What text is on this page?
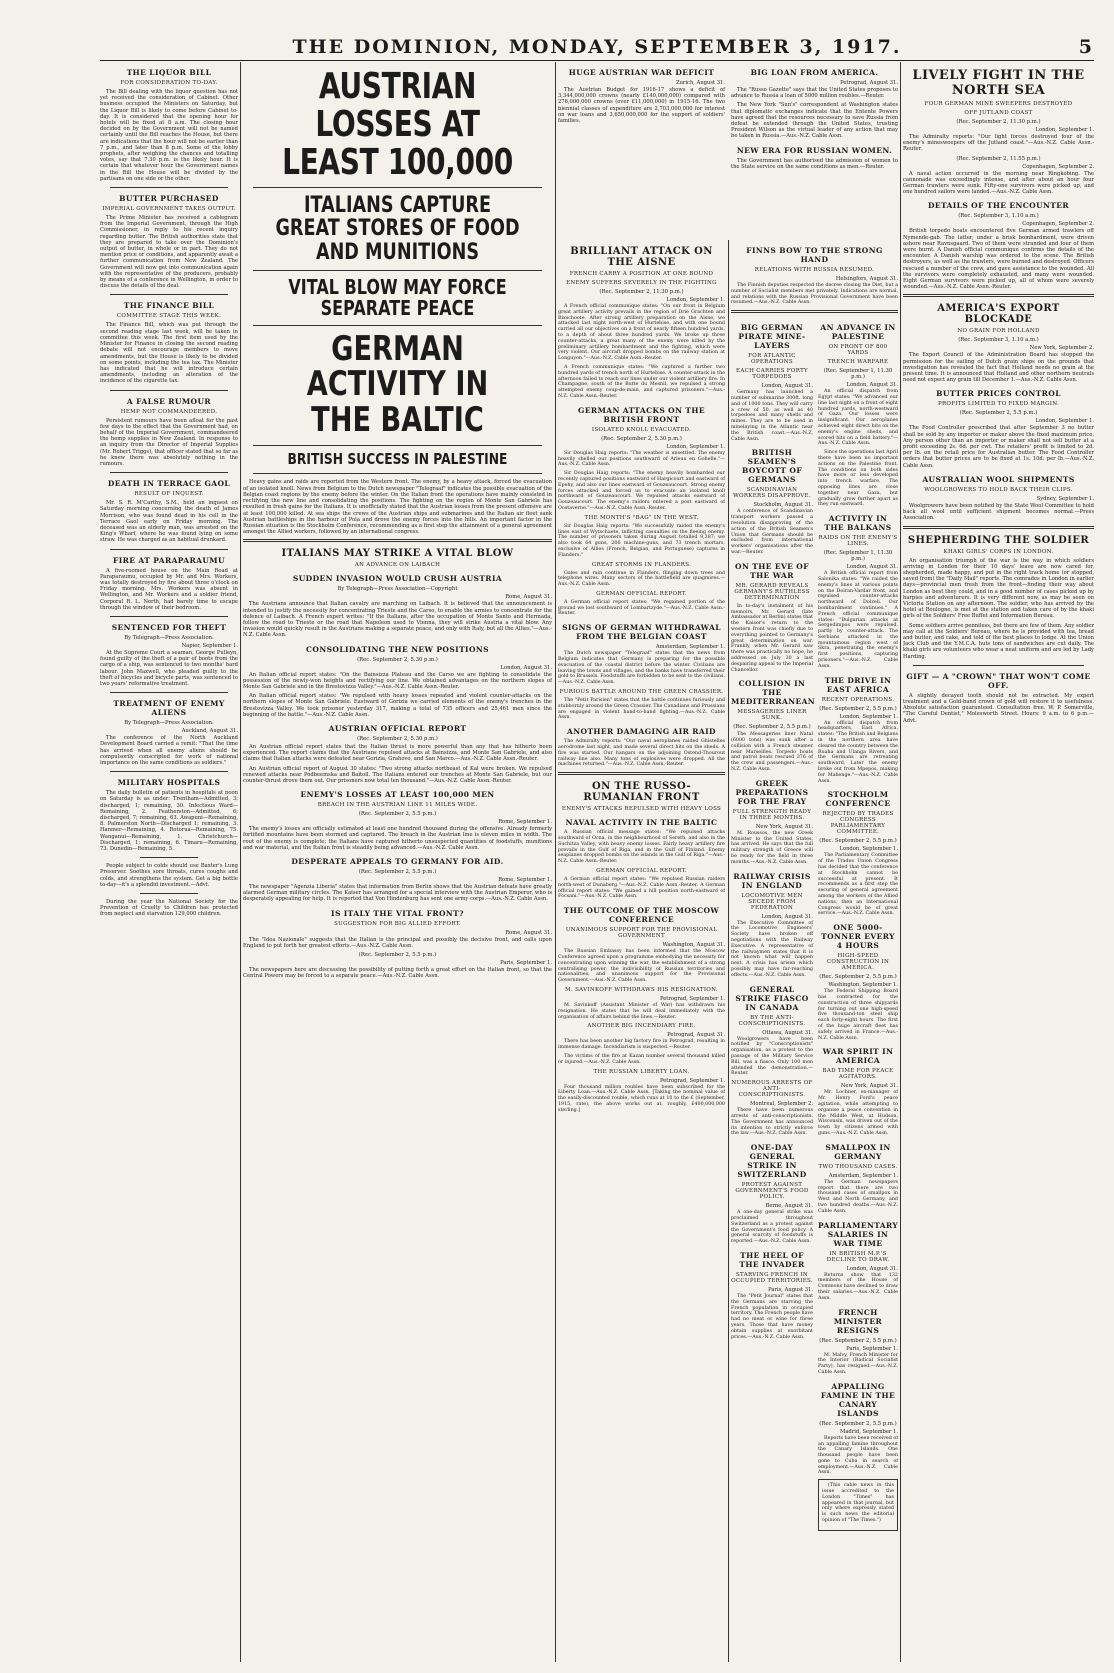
THE DOMINION, MONDAY, SEPTEMBER 3, 1917.	5
THE LIQUOR BILL
FOR CONSIDERATION TO-DAY.

The Bill dealing with the liquor question has not yet received the consideration of Cabinet. Other business occupied the Ministers on Saturday, but the Liquor Bill is likely to come before Cabinet to-day. It is considered that the opening hour for hotels will be fixed at 8 a.m. The closing hour decided on by the Government will not be named certainly until the Bill reaches the House, but there are indications that the hour will not be earlier than 7 p.m., and later than 8 p.m. Some of the lobby prophets, after weighing the chances and totalling votes, say that 7.30 p.m. is the likely hour. It is certain that whatever hour the Government names in the Bill the House will be divided by the partisans on one side or the other.

BUTTER PURCHASED
IMPERIAL GOVERNMENT TAKES OUTPUT.

The Prime Minister has received a cablegram from the Imperial Government, through the High Commissioner, in reply to his recent inquiry regarding butter. The British authorities state that they are prepared to take over the Dominion's output of butter, in whole or in part. They do not mention price or conditions, and apparently await a further communication from New Zealand. The Government will now get into communication again with the representative of the producers, probably by means of a conference in Wellington, in order to discuss the details of the deal.

THE FINANCE BILL
COMMITTEE STAGE THIS WEEK.

The Finance Bill, which was put through the second reading stage last week, will be taken in committee this week. The first item used by the Minister for Finance in closing the second reading debate will not encourage members to move amendments, but the House is likely to be divided on some points, including the tea tax. The Minister has indicated that he will introduce certain amendments, including an alteration of the incidence of the cigarette tax.

A FALSE RUMOUR
HEMP NOT COMMANDEERED.

Persistent rumours have been afloat for the past few days to the effect that the Government had, on behalf of the Imperial Government, commandeered the hemp supplies in New Zealand. In response to an inquiry from the Director of Imperial Supplies (Mr. Robert Triggs), that officer stated that so far as he knew there was absolutely nothing in the rumours.

DEATH IN TERRACE GAOL
RESULT OF INQUEST.

Mr. S. R. M'Carthy, S.M., held an inquest on Saturday morning concerning the death of James Morrison, who was found dead in his cell in the Terrace Gaol early on Friday morning. The deceased was an elderly man, was arrested on the King's Wharf, where he was found lying on some straw. He was charged as an habitual drunkard.

FIRE AT PARAPARAUMU

A five-roomed house on the Main Road at Paraparaumu, occupied by Mr. and Mrs. Workers, was totally destroyed by fire about three o'clock on Friday morning. Mrs. Workers was absent in Wellington, and Mr. Workers and a soldier friend, Corporal R. L. North, had barely time to escape through the window of their bedroom.

SENTENCED FOR THEFT
By Telegraph—Press Association.
Napier, September 1.

At the Supreme Court a seaman, George Pulleyn, found guilty of the theft of a pair of boots from the cargo of a ship, was sentenced to two months' hard labour. John Maxwell, who pleaded guilty to the theft of bicycles and bicycle parts, was sentenced to two years' reformative treatment.

TREATMENT OF ENEMY ALIENS
By Telegraph—Press Association.
Auckland, August 31.

The conference of the North Auckland Development Board carried a remit: "That the time has arrived when all enemy aliens should be compulsorily conscripted for work of national importance on the same conditions as soldiers."

MILITARY HOSPITALS

The daily bulletin of patients in hospitals at noon on Saturday is as under: Trentham—Admitted, 3; discharged, 1; remaining, 30. Infectious Ward—Remaining, 2. Featherston—Admitted, 6; discharged, 7; remaining, 63. Awapuni—Remaining, 8. Palmerston North—Discharged 1; remaining, 3. Hanmer—Remaining, 4. Rotorua—Remaining, 75. Wanganui—Remaining, 1. Christchurch—Discharged, 1; remaining, 6. Timaru—Remaining, 73. Dunedin—Remaining, 5.

People subject to colds should use Baxter's Lung Preserver. Soothes sore throats, cures coughs and colds, and strengthens the system. Get a big bottle to-day—it's a splendid investment.—Advt.

During the year the National Society for the Prevention of Cruelty to Children has protected from neglect and starvation 129,000 children.

AUSTRIAN LOSSES AT LEAST 100,000
ITALIANS CAPTURE GREAT STORES OF FOOD AND MUNITIONS
VITAL BLOW MAY FORCE SEPARATE PEACE
GERMAN ACTIVITY IN THE BALTIC
BRITISH SUCCESS IN PALESTINE

Heavy gains and raids are reported from the Western front. The enemy, by a heavy attack, forced the evacuation of an isolated knoll. News from Belgium to the Dutch newspaper "Telegraaf" indicates the possible evacuation of the Belgian coast regions by the enemy before the winter. On the Italian front the operations have mainly consisted in rectifying the new line and consolidating the positions. The fighting on the region of Monte San Gabriele has resulted in fresh gains for the Italians. It is unofficially stated that the Austrian losses from the present offensive are at least 100,000 killed. At sea ships the crews of the Austrian ships and submarines and the Italian air fleet sank Austrian battleships in the harbour of Pola and drove the enemy forces into the hills. An important factor in the Russian situation is the Stockholm Conference, recommending as a first step the attainment of a general agreement amongst the Allied workers, followed by an international congress.

ITALIANS MAY STRIKE A VITAL BLOW
AN ADVANCE ON LAIBACH
SUDDEN INVASION WOULD CRUSH AUSTRIA
By Telegraph—Press Association—Copyright
Rome, August 31.

The Austrians announce that Italian cavalry are marching on Laibach. It is believed that the announcement is intended to justify the necessity for concentrating Trieste and the Carso, to enable the armies to concentrate for the defence of Laibach. A French expert writes: "If the Italians, after the occupation of Monte Santo and Hermada, follow the road to Trieste or the road that Napoleon used to Vienna, they will strike Austria a vital blow. Any invasion would quickly result in the Austrians making a separate peace, and only with Italy, but all the Allies."—Aus.-N.Z. Cable Assn.

CONSOLIDATING THE NEW POSITIONS
(Rec. September 2, 5.30 p.m.)
London, August 31.

An Italian official report states: "On the Bainsizza Plateau and the Carso we are fighting to consolidate the possession of the newly-won heights and rectifying our line. We obtained advantages on the northern slopes of Monte San Gabriele and in the Brestovizza Valley."—Aus.-N.Z. Cable Assn.-Reuter.

An Italian official report states: "We repulsed with heavy losses repeated and violent counter-attacks on the northern slopes of Monte San Gabriele. Eastward of Gorizia we carried elements of the enemy's trenches in the Brestovizza Valley. We took prisoner yesterday 317, making a total of 735 officers and 25,461 men since the beginning of the battle."—Aus.-N.Z. Cable Assn.

AUSTRIAN OFFICIAL REPORT
(Rec. September 2, 5.30 p.m.)

An Austrian official report states that the Italian thrust is more powerful than any that has hitherto been experienced. The report claims that the Austrians repulsed attacks at Bainsizza, and Monte San Gabriele, and also claims that Italian attacks were defeated near Gorizia, Grahovo, and San Marco.—Aus.-N.Z. Cable Assn.-Reuter.

An Austrian official report of August 30 states: "Two strong attacks northeast of Kal were broken. We repulsed renewed attacks near Podbeemska and Baitoll. The Italians entered our trenches at Monte San Gabriele, but our counter-thrust drove them out. Our prisoners now total ten thousand."—Aus.-N.Z. Cable Assn.-Reuter.

ENEMY'S LOSSES AT LEAST 100,000 MEN
BREACH IN THE AUSTRIAN LINE 11 MILES WIDE.
(Rec. September 2, 5.5 p.m.)
Rome, September 1.

The enemy's losses are officially estimated at least one hundred thousand during the offensive. Already formerly fortified mountains have been stormed and captured. The breach in the Austrian line is eleven miles in width. The rout of the enemy is complete; the Italians have captured hitherto unsuspected quantities of foodstuffs, munitions and war material, and the Italian front is steadily being advanced.—Aus.-N.Z. Cable Assn.

DESPERATE APPEALS TO GERMANY FOR AID.
(Rec. September 2, 5.5 p.m.)
Rome, September 1.

The newspaper "Agenzia Liberia" states that information from Berlin shows that the Austrian defeats have greatly alarmed German military circles. The Kaiser has arranged for a special interview with the Austrian Emperor, who is desperately appealing for help. It is reported that Von Hindenburg has sent one army corps.—Aus.-N.Z. Cable Assn.

IS ITALY THE VITAL FRONT?
SUGGESTION FOR BIG ALLIED EFFORT.
Rome, August 31.

The "Idea Nazionale" suggests that the Italian is the principal and possibly the decisive front, and calls upon England to put forth her greatest efforts.—Aus.-N.Z. Cable Assn.

(Rec. September 2, 5.5 p.m.)
Paris, September 1.

The newspapers here are discussing the possibility of putting forth a great effort on the Italian front, so that the Central Powers may be forced to a separate peace.—Aus.-N.Z. Cable Assn.

HUGE AUSTRIAN WAR DEFICIT
Zurich, August 31.

The Austrian Budget for 1916-17 shows a deficit of 3,344,000,000 crowns (nearly £140,000,000) compared with 276,000,000 crowns (over £11,000,000) in 1915-16. The two biennial classes of expenditure are 2,703,000,000 for interest on war loans and 3,650,000,000 for the support of soldiers' families.

BIG LOAN FROM AMERICA.
Petrograd, August 31.

The "Russo Gazette" says that the United States proposes to advance to Russia a loan of 5000 million roubles.—Reuter.

The New York "Sun's" correspondent at Washington states that diplomatic exchanges indicate that the Entente Powers have agreed that the resources necessary to save Russia from defeat be extended through the United States, trusting President Wilson as the virtual leader of any action that may be taken in Russia.—Aus.-N.Z. Cable Assn.

NEW ERA FOR RUSSIAN WOMEN.

The Government has authorised the admission of women to the State service on the same conditions as men.—Reuter.

BRILLIANT ATTACK ON THE AISNE
FRENCH CARRY A POSITION AT ONE BOUND
ENEMY SUFFERS SEVERELY IN THE FIGHTING
(Rec. September 2, 11.30 p.m.)
London, September 1.

A French official communique states: "On our front in Belgium great artillery activity prevails in the region of Drie Grachten and Bixschoote. After strong artillery preparation on the Aisne, we attacked last night north-west of Hurtebise, and with one bound carried all our objectives on a front of nearly fifteen hundred yards, to a depth of about three hundred yards. We broke up three counter-attacks, a great many of the enemy were killed by the preliminary artillery bombardment and the fighting, which were very violent. Our aircraft dropped bombs on the railway station at Longuyon."—Aus.-N.Z. Cable Assn.-Reuter.

A French communique states: "We captured a further two hundred yards of trench north of Hurtebise. A counter-attack in the afternoon failed to reach our lines under our violent artillery fire. In Champagne, south of the Butte du Mesnil, we repulsed a strong attempted enemy coup-de-main, and captured prisoners."—Aus.-N.Z. Cable Assn.-Reuter.

GERMAN ATTACKS ON THE BRITISH FRONT
ISOLATED KNOLL EVACUATED.
(Rec. September 2, 5.30 p.m.)
London, September 1.

Sir Douglas Haig reports: "The weather is unsettled. The enemy heavily shelled our positions southward of Arleux en Gohelle."—Aus.-N.Z. Cable Assn.

Sir Douglas Haig reports: "The enemy heavily bombarded our recently captured positions eastward of Hargicourt and eastward of Epehy, and also our lines eastward of Gouzeaucourt. Strong enemy forces attacked and forced us to evacuate an isolated knoll northward of Gouzeaucourt. We repulsed attacks eastward of Gouzeaucourt. The enemy's raiders entered a post eastward of Oostaverne."—Aus.-N.Z. Cable Assn.-Reuter.

THE MONTH'S "BAG" IN THE WEST.

Sir Douglas Haig reports: "We successfully raided the enemy's lines east of Wytschaete, inflicting casualties on the fleeing enemy. The number of prisoners taken during August totalled 9,387; we also took 64 guns, 206 machine-guns, and 73 trench mortars, exclusive of Allies (French, Belgian, and Portuguese) captures in Flanders."

GREAT STORMS IN FLANDERS.

Gales and rain continue in Flanders, flinging down trees and telephone wires. Many sectors of the battlefield are quagmires.—Aus.-N.Z. Cable Assn.

GERMAN OFFICIAL REPORT.

A German official report states: "We regained portion of the ground we lost southward of Lombartzyde."—Aus.-N.Z. Cable Assn.-Reuter.

SIGNS OF GERMAN WITHDRAWAL FROM THE BELGIAN COAST
Amsterdam, September 1.

The Dutch newspaper "Telegraaf" states that the news from Belgium indicates that Germany is preparing for the possible evacuation of the coastal district before the winter. Civilians are leaving the towns and villages, and the banks have transferred their gold to Brussels. Foodstuffs are forbidden to be sent to the civilians.—Aus.-N.Z. Cable Assn.

FURIOUS BATTLE AROUND THE GREEN CRASSIER.

The "Petit Parisien" states that the battle continues furiously and stubbornly around the Green Crassier. The Canadians and Prussians are engaged in violent hand-to-hand fighting.—Aus.-N.Z. Cable Assn.

ANOTHER DAMAGING AIR RAID

The Admiralty reports: "Our naval aeroplanes raided Ghistelles aerodrome last night, and made several direct hits on the sheds. A fire was started. Our hangars on the adjoining Ostend-Thourout railway line also. Many tons of explosives were dropped. All the machines returned."—Aus.-N.Z. Cable Assn.-Reuter.

ON THE RUSSO-RUMANIAN FRONT
ENEMY'S ATTACKS REPULSED WITH HEAVY LOSS
NAVAL ACTIVITY IN THE BALTIC

A Russian official message states: "We repulsed attacks southward of Ocna, in the neighbourhood of Sereth, and also in the Suchitza Valley, with heavy enemy losses. Fairly heavy artillery fire prevails in the Gulf of Riga, and in the Gulf of Finland. Enemy seaplanes dropped bombs on the islands in the Gulf of Riga."—Aus.-N.Z. Cable Assn.-Reuter.

GERMAN OFFICIAL REPORT.

A German official report states: "We repulsed Russian raiders north-west of Dunaberg."—Aus.-N.Z. Cable Assn.-Reuter. A German official report states: "We gained a hill position north-eastward of Focsani."—Aus.-N.Z. Cable Assn.

THE OUTCOME OF THE MOSCOW CONFERENCE
UNANIMOUS SUPPORT FOR THE PROVISIONAL GOVERNMENT
Washington, August 31.

The Russian Embassy has been informed that the Moscow Conference agreed upon a programme embodying the necessity for concentrating upon winning the war, the establishment of a strong centralising power, the indivisibility of Russian territories and nationalities, and unanimous support for the Provisional Government.—Aus.-N.Z. Cable Assn.

M. SAVINKOFF WITHDRAWS HIS RESIGNATION.
Petrograd, September 1.

M. Savinkoff (Assistant Minister of War) has withdrawn his resignation. He states that he will deal immediately with the organisation of affairs behind the lines.—Reuter.

ANOTHER BIG INCENDIARY FIRE.
Petrograd, August 31.

There has been another big factory fire in Petrograd, resulting in immense damage. Incendiarism is suspected.—Reuter.

The victims of the fire at Kazan number several thousand killed or injured.—Aus.-N.Z. Cable Assn.

THE RUSSIAN LIBERTY LOAN.
Petrograd, September 1.

Four thousand million roubles have been subscribed for the Liberty Loan.—Aus.-N.Z. Cable Assn. [Taking the nominal value of the easily-discounted rouble, which runs at 10 to the £ (September, 1915, rate), the above works out at, roughly, £400,000,000 sterling.]

FINNS BOW TO THE STRONG HAND
RELATIONS WITH RUSSIA RESUMED.
Helsingfors, August 31.

The Finnish deputies respected the decree closing the Diet, but a number of Socialist members met privately. Indications are normal, and relations with the Russian Provisional Government have been resumed.—Aus.-N.Z. Cable Assn.

BIG GERMAN PIRATE MINE-LAYERS
FOR ATLANTIC OPERATIONS
EACH CARRIES FORTY TORPEDOES
London, August 31.

Germany has launched a number of submarine 300ft. long and of 1000 tons. They will carry a crew of 50, as well as 40 torpedoes and many shells and mines. They are to be used in minelaying in the Atlantic near the British coast.—Aus.-N.Z. Cable Assn.

BRITISH SEAMEN'S BOYCOTT OF GERMANS
SCANDINAVIAN WORKERS DISAPPROVE.
Stockholm, August 31.

A conference of Scandinavian transport workers passed a resolution disapproving of the action of the British Seamen's Union that Germans should be excluded from international workers' organisations after the war.—Reuter.

ON THE EVE OF THE WAR
MR. GERARD REVEALS GERMANY'S RUTHLESS DETERMINATION

In to-day's instalment of his memoirs, Mr. Gerard (late Ambassador at Berlin) states that the Kaiser's return to the western front was chiefly due to everything pointed to Germany's great determination on war. Frankly, when Mr. Gerard saw there was practically no hope, he addressed on July 30 a last despairing appeal to the Imperial Chancellor.

COLLISION IN THE MEDITERRANEAN
MESSAGERIES LINER SUNK.
(Rec. September 2, 5.5 p.m.)

The Messageries liner Natal (6000 tons) was sunk after a collision with a French steamer near Marseilles. Torpedo boats and patrol boats rescued 376 of the crew and passengers.—Aus.-N.Z. Cable Assn.

GREEK PREPARATIONS FOR THE FRAY
FULL STRENGTH READY IN THREE MONTHS.
New York, August 31.

M. Roussos, the new Greek Minister to the United States, has arrived. He says that the full military strength of Greece will be ready for the field in three months.—Aus.-N.Z. Cable Assn.

RAILWAY CRISIS IN ENGLAND
LOCOMOTIVE MEN SECEDE FROM FEDERATION
London, August 31.

The Executive Committee of the Locomotive Engineers' Society have broken off negotiations with the Railway Executive. A representative of the railwaymen states that it is not known what will happen next. A crisis has arisen which possibly may have far-reaching effects.—Aus.-N.Z. Cable Assn.

GENERAL STRIKE FIASCO IN CANADA
BY THE ANTI-CONSCRIPTIONISTS.
Ottawa, August 31.

Woolgrowers have been notified by "Conscriptionists" organisation, as a protest to the passage of the Military Service Bill, was a fiasco. Only 100 men attended the demonstration.—Reuter.

NUMEROUS ARRESTS OF ANTI-CONSCRIPTIONISTS.
Montreal, September 2.

There have been numerous arrests of anti-conscriptionists. The Government has announced its intention to strictly enforce the law.—Aus.-N.Z. Cable Assn.

ONE-DAY GENERAL STRIKE IN SWITZERLAND
PROTEST AGAINST GOVERNMENT'S FOOD POLICY.
Berne, August 31.

A one-day general strike was proclaimed throughout Switzerland as a protest against the Government's food policy. A general scarcity of foodstuffs is reported.—Aus.-N.Z. Cable Assn.

THE HEEL OF THE INVADER
STARVING FRENCH IN OCCUPIED TERRITORIES.
Paris, August 31.

The "Petit Journal" states that the Germans are starving the French population in occupied territory. The French people have had no meat or wine for three years. Those that have money obtain supplies at exorbitant prices.—Aus.-N.Z. Cable Assn.

AN ADVANCE IN PALESTINE
ON FRONT OF 800 YARDS
TRENCH WARFARE
(Rec. September 1, 11.30 p.m.)
London, August 31.

An official dispatch from Egypt states: "We advanced our line last night on a front of eight hundred yards, north-westward of Gaza. Our losses were insignificant. Our aeroplanes achieved eight direct hits on the enemy's engine sheds, and scored hits on a field battery."—Aus.-N.Z. Cable Assn.

Since the operations last April there have been no important actions on the Palestine front. The conditions on both sides have more or less developed into trench warfare. The opposing lines are close together near Gaza, but gradually grow further apart as they run eastward.

ACTIVITY IN THE BALKANS
RAIDS ON THE ENEMY'S LINES.
(Rec. September 1, 11.30 p.m.)
London, August 31.

A British official report from Salonika states: "We raided the enemy's lines at various points on the Doiran-Vardar front, and repulsed counter-attacks northward of Dolzeli. Our bombardment continues." A French official communique states: "Bulgarian attacks at Sergedimpos were repulsed, partly by counter-attack. The Serbians attacked in the mountainous region west of Skra, penetrating the enemy's first positions, capturing prisoners."—Aus.-N.Z. Cable Assn.

THE DRIVE IN EAST AFRICA
RECENT OPERATIONS.
(Rec. September 2, 5.5 p.m.)
London, September 1.

An official dispatch from headquarters, East Africa, states: "The British and Belgians in the northern area have cleared the country between the Ruaha and Ulanga Rivers, and the Germans are retreating southward. Later the enemy broke out from Mpepos, making for Mahenge."—Aus.-N.Z. Cable Assn.

STOCKHOLM CONFERENCE
REJECTED BY TRADES CONGRESS PARLIAMENTARY COMMITTEE.
(Rec. September 2, 5.5 p.m.)
London, September 1.

The Parliamentary Committee of the Trades Union Congress has decided that the conference at Stockholm cannot be successful at present. It recommends as a first step the securing of general agreement among the workers of the Allied nations, then an International Congress would be of great service.—Aus.-N.Z. Cable Assn.

ONE 5000-TONNER EVERY 4 HOURS
HIGH-SPEED CONSTRUCTION IN AMERICA.
(Rec. September 2, 5.5 p.m.)
Washington, September 1.

The Federal Shipping Board has contracted for the construction of three shipyards for turning out one high-speed five thousand-ton steel ship each forty-eight hours. The first of the huge aircraft fleet has safely arrived in France.—Aus.-N.Z. Cable Assn.

WAR SPIRIT IN AMERICA
BAD TIME FOR PEACE AGITATORS.
New York, August 31.

Mr. Lochner, ex-manager of Mr. Henry Ford's peace agitation, while attempting to organise a peace convention in the Middle West, at Hudson, Wisconsin, was driven out of the town by citizens armed with guns.—Aus.-N.Z. Cable Assn.

SMALLPOX IN GERMANY
TWO THOUSAND CASES.
Amsterdam, September 1.

The German newspapers report that there are two thousand cases of smallpox in West and North Germany, and two hundred deaths.—Aus.-N.Z. Cable Assn.

PARLIAMENTARY SALARIES IN WAR TIME
IN BRITISH M.P.'S DECLINE TO DRAW.
London, August 31.

Returns show that 132 members of the House of Commons have declined to draw their salaries.—Aus.-N.Z. Cable Assn.

FRENCH MINISTER RESIGNS
(Rec. September 2, 5.5 p.m.)
Paris, September 1.

M. Malvy, French Minister for the Interior (Radical Socialist Party), has resigned.—Aus.-N.Z. Cable Assn.

APPALLING FAMINE IN THE CANARY ISLANDS
(Rec. September 2, 5.5 p.m.)
Madrid, September 1.

Reports have been received of an appalling famine throughout the Canary Islands. One thousand people have been gone to Cuba in search of employment.—Aus.-N.Z. Cable Assn.

(This cable news in this issue accredited to the London "Times" has appeared in that journal, but only where expressly stated is such news the editorial opinion of "The Times.")

LIVELY FIGHT IN THE NORTH SEA
FOUR GERMAN MINE SWEEPERS DESTROYED
OFF JUTLAND COAST
(Rec. September 2, 11.30 p.m.)
London, September 1.

The Admiralty reports: "Our light forces destroyed four of the enemy's minesweepers off the Jutland coast."—Aus.-N.Z. Cable Assn.-Reuter.

(Rec. September 2, 11.55 p.m.)
Copenhagen, September 2.

A naval action occurred in the morning near Ringkobing. The cannonade was exceedingly intense, and after about an hour four German trawlers were sunk. Fifty-one survivors were picked up, and one hundred sailors were landed.—Aus.-N.Z. Cable Assn.

DETAILS OF THE ENCOUNTER
(Rec. September 3, 1.10 a.m.)
Copenhagen, September 2.

British torpedo boats encountered five German armed trawlers off Nymende-gab. The latter, under a brisk bombardment, were driven ashore near Ravnsgaard. Two of them were stranded and four of them were burnt. A Danish official communique confirms the details of the encounter. A Danish warship was ordered to the scene. The British destroyers, as well as the trawlers, were burned and destroyed. Officers rescued a number of the crew, and gave assistance to the wounded. All the survivors were completely exhausted, and many were wounded. Eight German survivors were picked up, all of whom were severely wounded.—Aus.-N.Z. Cable Assn.-Reuter.

AMERICA'S EXPORT BLOCKADE
NO GRAIN FOR HOLLAND
(Rec. September 3, 1.10 a.m.)
New York, September 2.

The Export Council of the Administration Board has stopped the permission for the sailing of Dutch grain ships on the grounds that investigation has revealed the fact that Holland needs no grain at the present time. It is announced that Holland and other northern neutrals need not expect any grain till December 1.—Aus.-N.Z. Cable Assn.

BUTTER PRICES CONTROL
PROFITS LIMITED TO FIXED MARGIN.
(Rec. September 2, 5.5 p.m.)
London, September 1.

The Food Controller prescribed that after September 3 no butter shall be sold by any importer or maker above the fixed maximum price. Any person other than an importer or maker shall not sell butter at a profit exceeding 2s. 6d. per cwt. The retailers' profit is limited to 2d. per lb. on the retail price for Australian butter. The Food Controller orders that butter prices are to be fixed at 1s. 10d. per lb.—Aus.-N.Z. Cable Assn.

AUSTRALIAN WOOL SHIPMENTS
WOOLGROWERS TO HOLD BACK THEIR CLIPS.
Sydney, September 1.

Woolgrowers have been notified by the State Wool Committee to hold back all wool until sufficient shipment becomes normal.—Press Association.

SHEPHERDING THE SOLDIER
KHAKI GIRLS' CORPS IN LONDON.

An organisation triumph of the war is the way in which soldiers arriving in London for their 10 days' leave are now cared for, shepherded, made happy, and put in the right track home (or stopped, saved from) the "Daily Mail" reports. The comrades in London in earlier days—provincial men fresh from the front—finding their way about London as best they could, and in a good number of cases picked up by harpies and adventurers. It is very different now, as may be seen on Victoria Station on any afternoon. The soldier, who has arrived by the hotel at Boulogne, is met at the station and taken care of by the khaki girls of the Soldiers' Free Buffet and Information Bureau.

Some soldiers arrive penniless, but there are few of them. Any soldier may call at the Soldiers' Bureau, where he is provided with tea, bread and butter, and cake, and told of the best places to lodge. At the Union Jack Club and the Y.M.C.A. huts tons of sandwiches are cut daily. The khaki girls are volunteers who wear a neat uniform and are led by Lady Harding.

GIFT — A "CROWN" THAT WON'T COME OFF.

A slightly decayed tooth should not be extracted. My expert treatment and a Gold-band crown of gold will restore it to usefulness. Absolute satisfaction guaranteed. Consultation free. W. P. Somerville, "The Careful Dentist," Molesworth Street. Hours: 9 a.m. to 6 p.m.—Advt.
